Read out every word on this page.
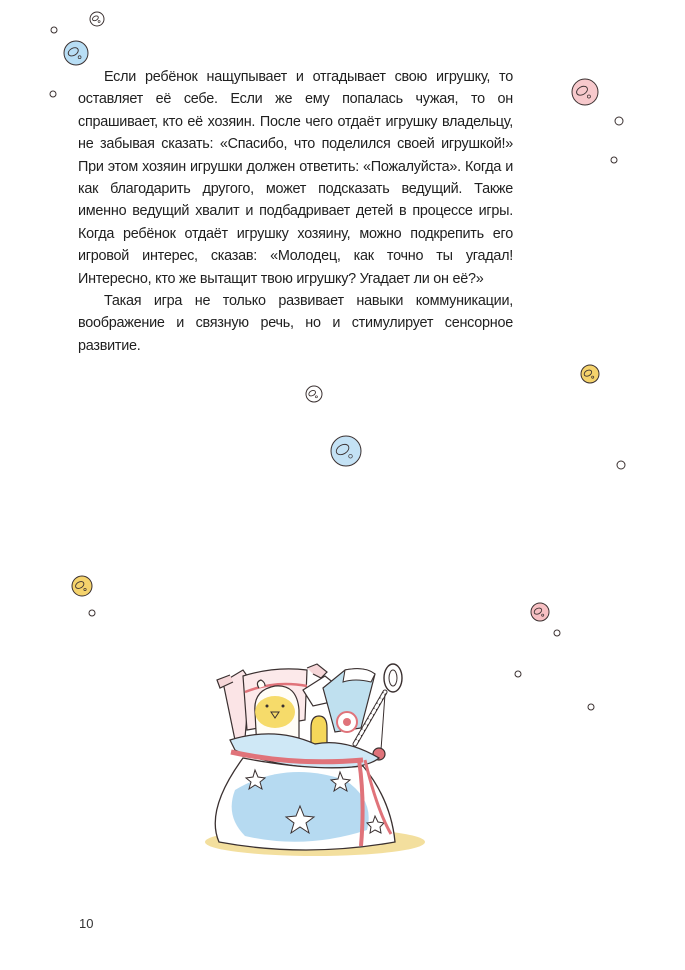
Если ребёнок нащупывает и отгадывает свою игрушку, то оставляет её себе. Если же ему попалась чужая, то он спрашивает, кто её хозяин. После чего отдаёт игрушку владельцу, не забывая сказать: «Спасибо, что поделился своей игрушкой!» При этом хозяин игрушки должен ответить: «Пожалуйста». Когда и как благодарить другого, может подсказать ведущий. Также именно ведущий хвалит и подбадривает детей в процессе игры. Когда ребёнок отдаёт игрушку хозяину, можно подкрепить его игровой интерес, сказав: «Молодец, как точно ты угадал! Интересно, кто же вытащит твою игрушку? Угадает ли он её?»

Такая игра не только развивает навыки коммуникации, воображение и связную речь, но и стимулирует сенсорное развитие.

10
